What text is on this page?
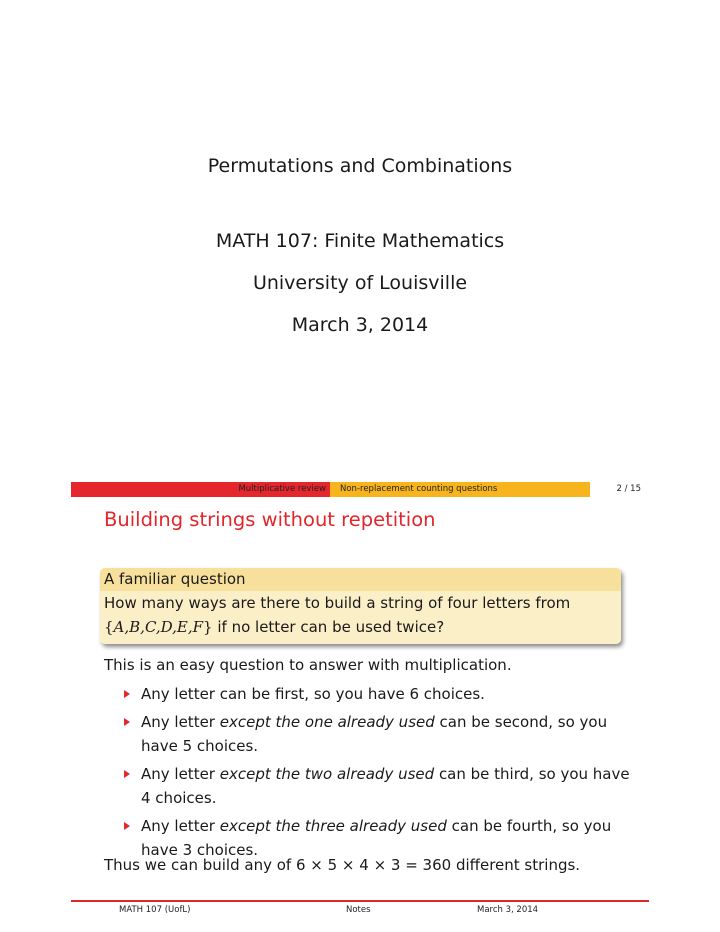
Permutations and Combinations
MATH 107: Finite Mathematics
University of Louisville
March 3, 2014
Multiplicative review Non-replacement counting questions	2 / 15
Building strings without repetition
A familiar question
How many ways are there to build a string of four letters from
{A,B,C,D,E,F} if no letter can be used twice?
This is an easy question to answer with multiplication.
Any letter can be first, so you have 6 choices.
Any letter except the one already used can be second, so you have 5 choices.
Any letter except the two already used can be third, so you have 4 choices.
Any letter except the three already used can be fourth, so you have 3 choices.
Thus we can build any of 6 × 5 × 4 × 3 = 360 different strings.
MATH 107 (UofL)	Notes	March 3, 2014
